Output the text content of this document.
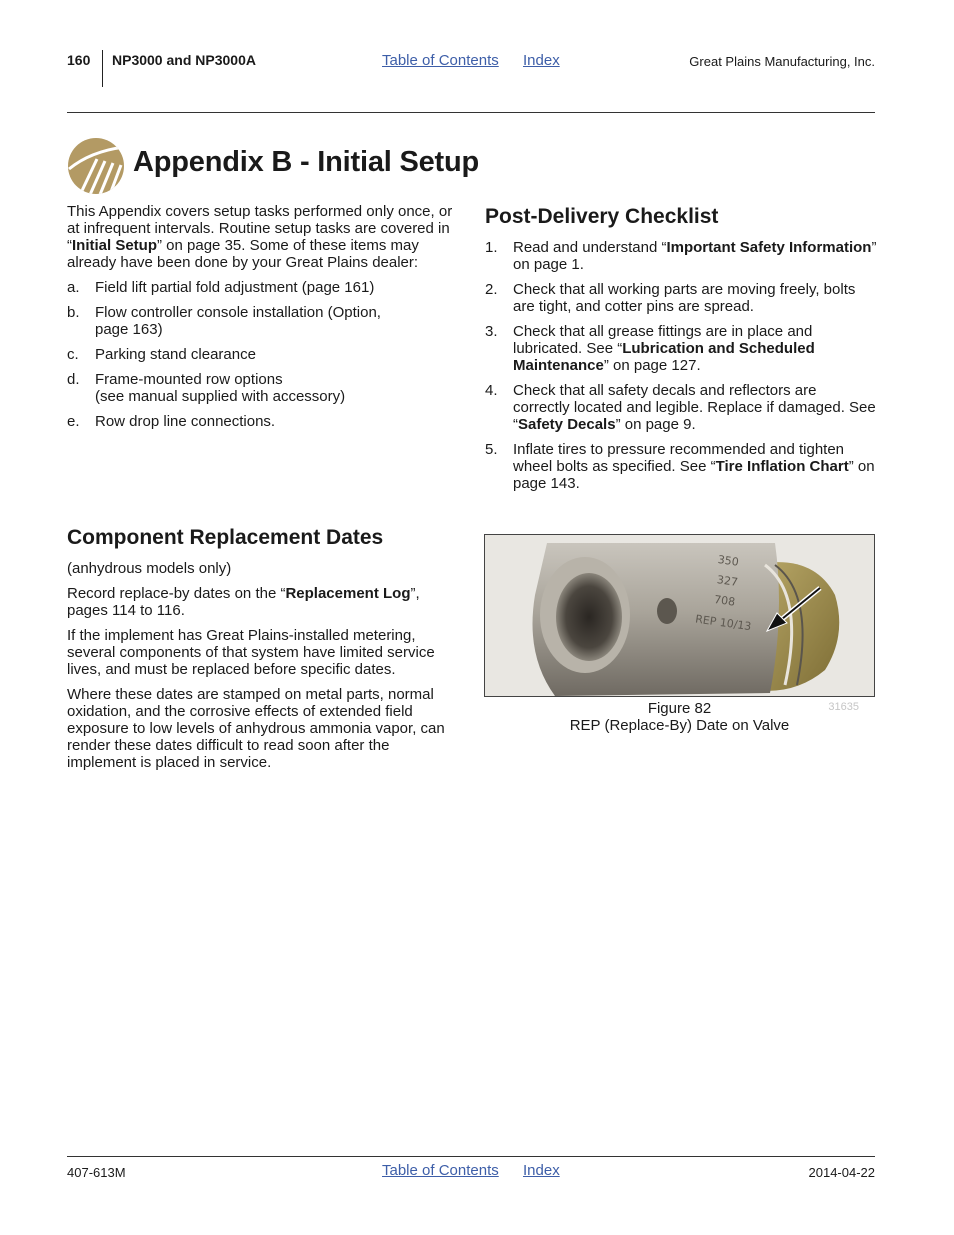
160 NP3000 and NP3000A	Table of Contents Index	Great Plains Manufacturing, Inc.
Appendix B - Initial Setup

This Appendix covers setup tasks performed only once, or at infrequent intervals. Routine setup tasks are covered in “Initial Setup” on page 35. Some of these items may already have been done by your Great Plains dealer:

a. Field lift partial fold adjustment (page 161)
b. Flow controller console installation (Option,
page 163)
c. Parking stand clearance
d. Frame-mounted row options
(see manual supplied with accessory)
e. Row drop line connections.
Post-Delivery Checklist
1. Read and understand “Important Safety Information” on page 1.
2. Check that all working parts are moving freely, bolts are tight, and cotter pins are spread.
3. Check that all grease fittings are in place and lubricated. See “Lubrication and Scheduled Maintenance” on page 127.
4. Check that all safety decals and reflectors are correctly located and legible. Replace if damaged. See “Safety Decals” on page 9.
5. Inflate tires to pressure recommended and tighten wheel bolts as specified. See “Tire Inflation Chart” on page 143.
Component Replacement Dates

(anhydrous models only)

Record replace-by dates on the “Replacement Log”, pages 114 to 116.

If the implement has Great Plains-installed metering, several components of that system have limited service lives, and must be replaced before specific dates.

Where these dates are stamped on metal parts, normal oxidation, and the corrosive effects of extended field exposure to low levels of anhydrous ammonia vapor, can render these dates difficult to read soon after the implement is placed in service.

350
327
708
REP 10/13
Figure 82
REP (Replace-By) Date on Valve
31635
407-613M	Table of Contents Index	2014-04-22
